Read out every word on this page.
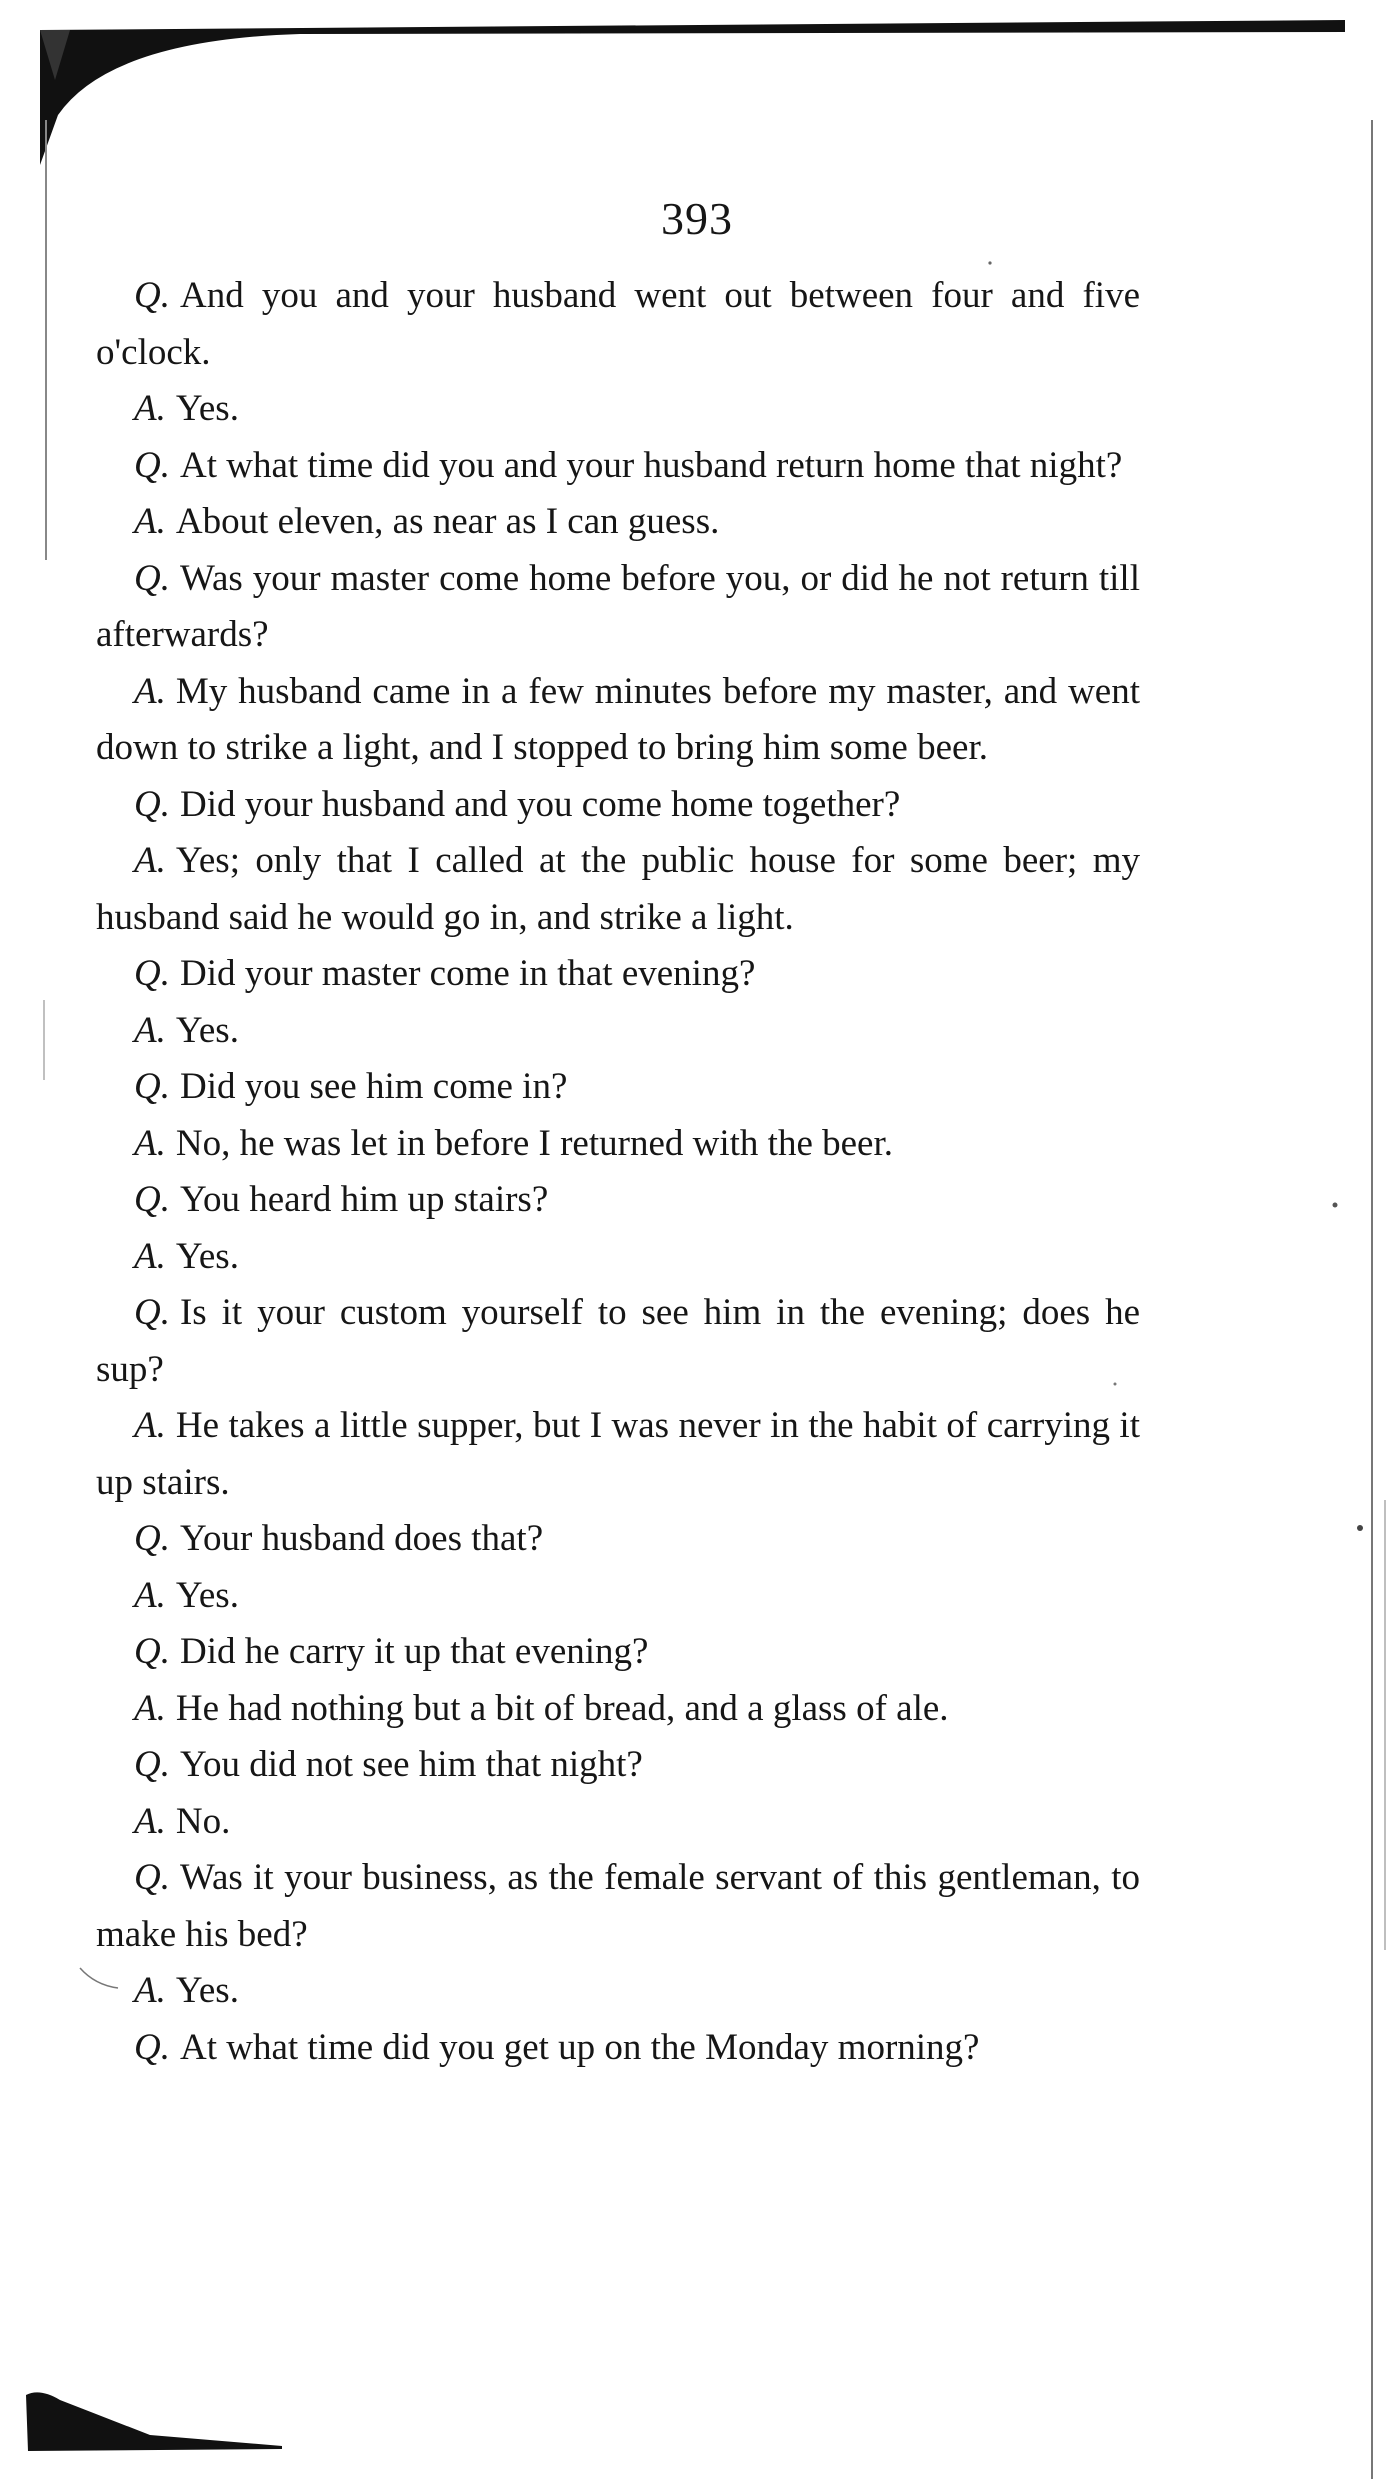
393

Q. And you and your husband went out between four and five o'clock.

A. Yes.

Q. At what time did you and your husband return home that night?

A. About eleven, as near as I can guess.

Q. Was your master come home before you, or did he not return till afterwards?

A. My husband came in a few minutes before my master, and went down to strike a light, and I stopped to bring him some beer.

Q. Did your husband and you come home together?

A. Yes; only that I called at the public house for some beer; my husband said he would go in, and strike a light.

Q. Did your master come in that evening?

A. Yes.

Q. Did you see him come in?

A. No, he was let in before I returned with the beer.

Q. You heard him up stairs?

A. Yes.

Q. Is it your custom yourself to see him in the evening; does he sup?

A. He takes a little supper, but I was never in the habit of carrying it up stairs.

Q. Your husband does that?

A. Yes.

Q. Did he carry it up that evening?

A. He had nothing but a bit of bread, and a glass of ale.

Q. You did not see him that night?

A. No.

Q. Was it your business, as the female servant of this gentleman, to make his bed?

A. Yes.

Q. At what time did you get up on the Monday morning?
